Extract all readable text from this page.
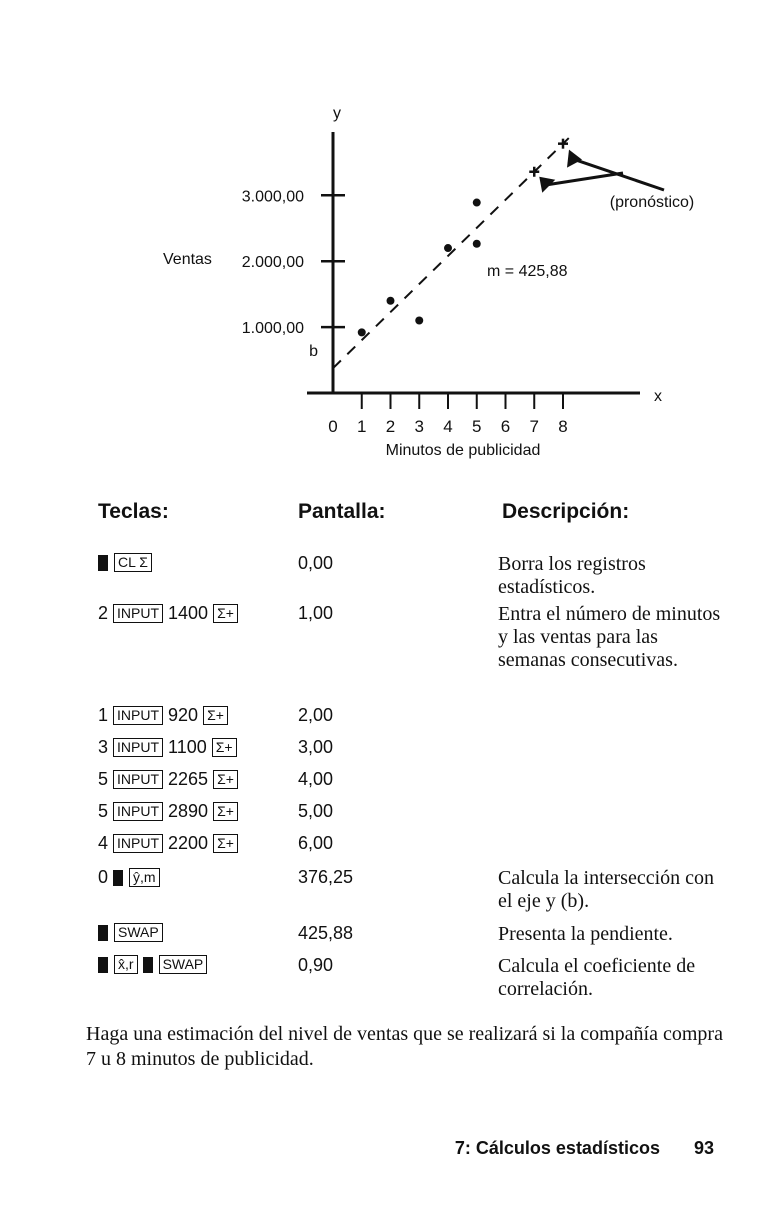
0 1 2 3 4 5 6 7 8
1.000,00
2.000,00
3.000,00
y
x
Ventas
Minutos de publicidad
b
m = 425,88
(pronóstico)
Teclas:	Pantalla:	Descripción:
CL Σ	0,00	Borra los registros estadísticos.
2 INPUT 1400 Σ+	1,00	Entra el número de minutos y las ventas para las semanas consecutivas.
1 INPUT 920 Σ+	2,00
3 INPUT 1100 Σ+	3,00
5 INPUT 2265 Σ+	4,00
5 INPUT 2890 Σ+	5,00
4 INPUT 2200 Σ+	6,00
0 ŷ,m	376,25	Calcula la intersección con el eje y (b).
SWAP	425,88	Presenta la pendiente.
x̂,r SWAP	0,90	Calcula el coeficiente de correlación.
Haga una estimación del nivel de ventas que se realizará si la compañía compra 7 u 8 minutos de publicidad.
7: Cálculos estadísticos 93
